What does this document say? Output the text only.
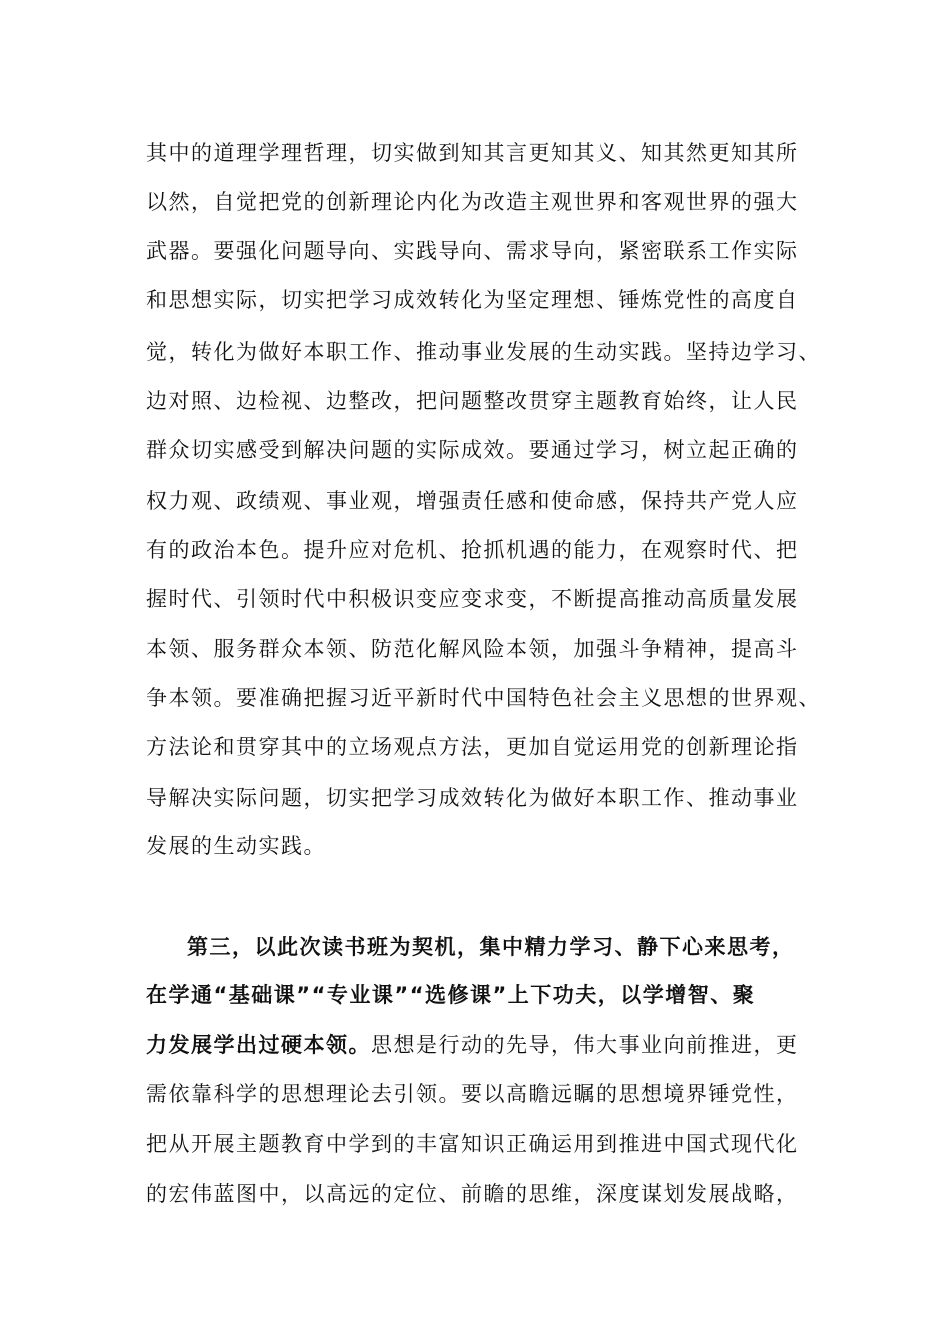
其中的道理学理哲理，切实做到知其言更知其义、知其然更知其所
以然，自觉把党的创新理论内化为改造主观世界和客观世界的强大
武器。要强化问题导向、实践导向、需求导向，紧密联系工作实际
和思想实际，切实把学习成效转化为坚定理想、锤炼党性的高度自
觉，转化为做好本职工作、推动事业发展的生动实践。坚持边学习、
边对照、边检视、边整改，把问题整改贯穿主题教育始终，让人民
群众切实感受到解决问题的实际成效。要通过学习，树立起正确的
权力观、政绩观、事业观，增强责任感和使命感，保持共产党人应
有的政治本色。提升应对危机、抢抓机遇的能力，在观察时代、把
握时代、引领时代中积极识变应变求变，不断提高推动高质量发展
本领、服务群众本领、防范化解风险本领，加强斗争精神，提高斗
争本领。要准确把握习近平新时代中国特色社会主义思想的世界观、
方法论和贯穿其中的立场观点方法，更加自觉运用党的创新理论指
导解决实际问题，切实把学习成效转化为做好本职工作、推动事业
发展的生动实践。
第三，以此次读书班为契机，集中精力学习、静下心来思考，
在学通“基础课”“专业课”“选修课”上下功夫，以学增智、聚
力发展学出过硬本领。思想是行动的先导，伟大事业向前推进，更
需依靠科学的思想理论去引领。要以高瞻远瞩的思想境界锤党性，
把从开展主题教育中学到的丰富知识正确运用到推进中国式现代化
的宏伟蓝图中，以高远的定位、前瞻的思维，深度谋划发展战略，
